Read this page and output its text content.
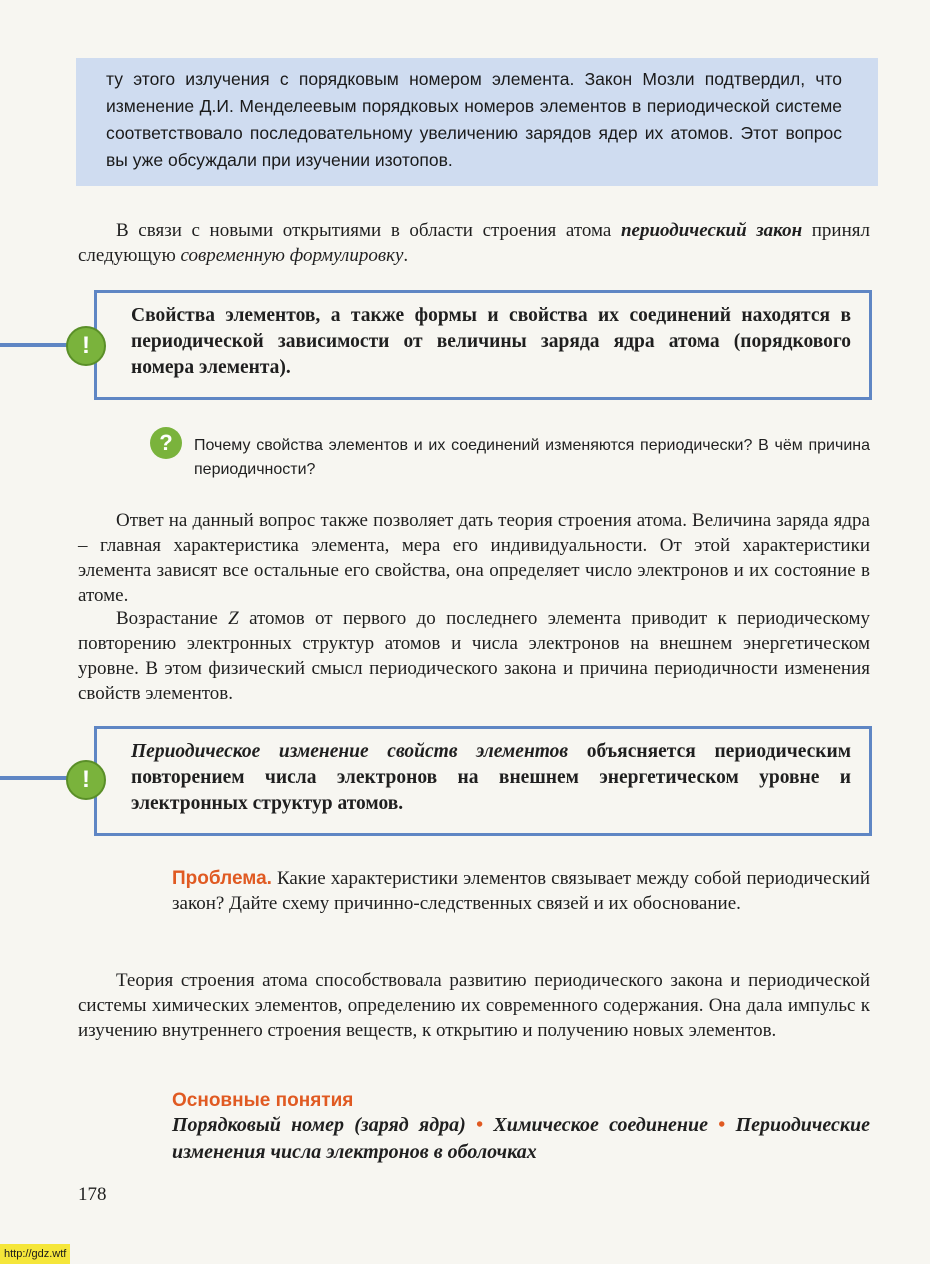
ту этого излучения с порядковым номером элемента. Закон Мозли подтвердил, что изменение Д.И. Менделеевым порядковых номеров элементов в периодической системе соответствовало последовательному увеличению зарядов ядер их атомов. Этот вопрос вы уже обсуждали при изучении изотопов.

В связи с новыми открытиями в области строения атома периодический закон принял следующую современную формулировку.

Свойства элементов, а также формы и свойства их соединений находятся в периодической зависимости от величины заряда ядра атома (порядкового номера элемента).

!
?	Почему свойства элементов и их соединений изменяются периодически? В чём причина периодичности?

Ответ на данный вопрос также позволяет дать теория строения атома. Величина заряда ядра – главная характеристика элемента, мера его индивидуальности. От этой характеристики элемента зависят все остальные его свойства, она определяет число электронов и их состояние в атоме.

Возрастание Z атомов от первого до последнего элемента приводит к периодическому повторению электронных структур атомов и числа электронов на внешнем энергетическом уровне. В этом физический смысл периодического закона и причина периодичности изменения свойств элементов.

Периодическое изменение свойств элементов объясняется периодическим повторением числа электронов на внешнем энергетическом уровне и электронных структур атомов.

!

Проблема. Какие характеристики элементов связывает между собой периодический закон? Дайте схему причинно-следственных связей и их обоснование.

Теория строения атома способствовала развитию периодического закона и периодической системы химических элементов, определению их современного содержания. Она дала импульс к изучению внутреннего строения веществ, к открытию и получению новых элементов.

Основные понятия

Порядковый номер (заряд ядра) • Химическое соединение • Периодические изменения числа электронов в оболочках

178

http://gdz.wtf
